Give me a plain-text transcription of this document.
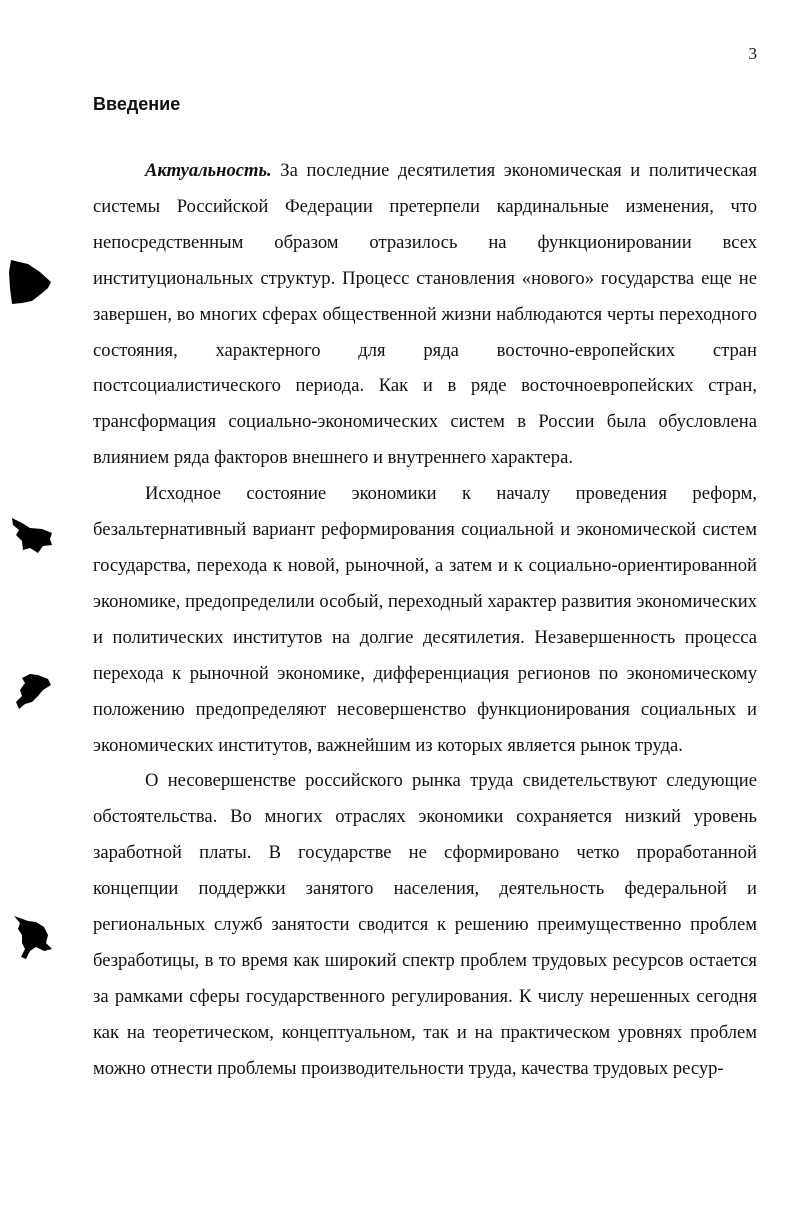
3
Введение

Актуальность. За последние десятилетия экономическая и политическая системы Российской Федерации претерпели кардинальные изменения, что непосредственным образом отразилось на функционировании всех институциональных структур. Процесс становления «нового» государства еще не завершен, во многих сферах общественной жизни наблюдаются черты переходного состояния, характерного для ряда восточно-европейских стран постсоциалистического периода. Как и в ряде восточноевропейских стран, трансформация социально-экономических систем в России была обусловлена влиянием ряда факторов внешнего и внутреннего характера.

Исходное состояние экономики к началу проведения реформ, безальтернативный вариант реформирования социальной и экономической систем государства, перехода к новой, рыночной, а затем и к социально-ориентированной экономике, предопределили особый, переходный характер развития экономических и политических институтов на долгие десятилетия. Незавершенность процесса перехода к рыночной экономике, дифференциация регионов по экономическому положению предопределяют несовершенство функционирования социальных и экономических институтов, важнейшим из которых является рынок труда.

О несовершенстве российского рынка труда свидетельствуют следующие обстоятельства. Во многих отраслях экономики сохраняется низкий уровень заработной платы. В государстве не сформировано четко проработанной концепции поддержки занятого населения, деятельность федеральной и региональных служб занятости сводится к решению преимущественно проблем безработицы, в то время как широкий спектр проблем трудовых ресурсов остается за рамками сферы государственного регулирования. К числу нерешенных сегодня как на теоретическом, концептуальном, так и на практическом уровнях проблем можно отнести проблемы производительности труда, качества трудовых ресур-
